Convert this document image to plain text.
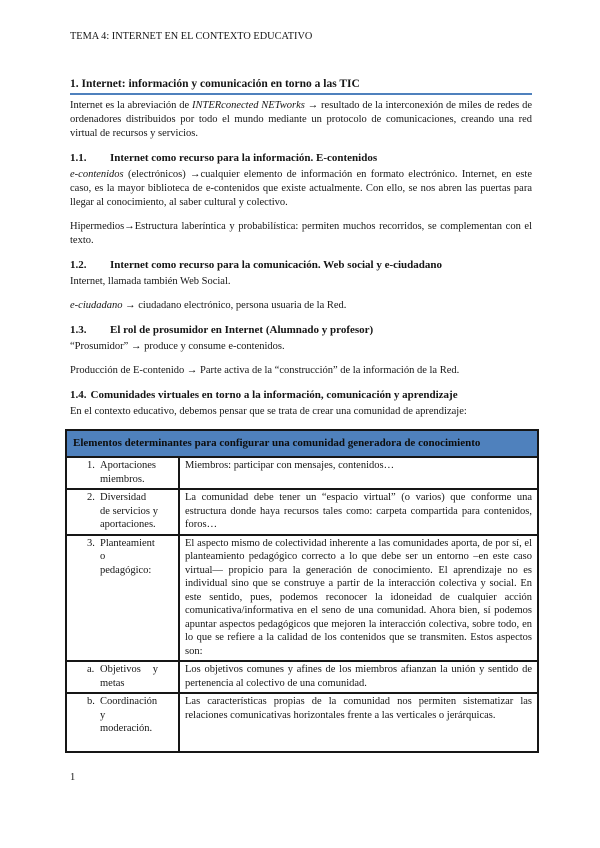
TEMA 4: INTERNET EN EL CONTEXTO EDUCATIVO
1. Internet: información y comunicación en torno a las TIC

Internet es la abreviación de INTERconected NETworks → resultado de la interconexión de miles de redes de ordenadores distribuidos por todo el mundo mediante un protocolo de comunicaciones, creando una red virtual de recursos y servicios.

1.1. Internet como recurso para la información. E-contenidos

e-contenidos (electrónicos) →cualquier elemento de información en formato electrónico. Internet, en este caso, es la mayor biblioteca de e-contenidos que existe actualmente. Con ello, se nos abren las puertas para llegar al conocimiento, al saber cultural y colectivo.

Hipermedios→Estructura laberíntica y probabilística: permiten muchos recorridos, se complementan con el texto.

1.2. Internet como recurso para la comunicación. Web social y e-ciudadano

Internet, llamada también Web Social.

e-ciudadano → ciudadano electrónico, persona usuaria de la Red.

1.3. El rol de prosumidor en Internet (Alumnado y profesor)

“Prosumidor” → produce y consume e-contenidos.

Producción de E-contenido → Parte activa de la “construcción” de la información de la Red.

1.4. Comunidades virtuales en torno a la información, comunicación y aprendizaje

En el contexto educativo, debemos pensar que se trata de crear una comunidad de aprendizaje:

Elementos determinantes para configurar una comunidad generadora de conocimiento	

1. Aportaciones miembros.	Miembros: participar con mensajes, contenidos…

2. Diversidad de servicios y aportaciones.	La comunidad debe tener un “espacio virtual” (o varios) que conforme una estructura donde haya recursos tales como: carpeta compartida para contenidos, foros…

3. Planteamiento pedagógico:	El aspecto mismo de colectividad inherente a las comunidades aporta, de por sí, el planteamiento pedagógico correcto a lo que debe ser un entorno –en este caso virtual— propicio para la generación de conocimiento. El aprendizaje no es individual sino que se construye a partir de la interacción colectiva y social. En este sentido, pues, podemos reconocer la idoneidad de cualquier acción comunicativa/informativa en el seno de una comunidad. Ahora bien, sí podemos apuntar aspectos pedagógicos que mejoren la interacción colectiva, sobre todo, en lo que se refiere a la calidad de los contenidos que se transmiten. Estos aspectos son:

a. Objetivos y metas	Los objetivos comunes y afines de los miembros afianzan la unión y sentido de pertenencia al colectivo de una comunidad.

b. Coordinación y moderación.	Las características propias de la comunidad nos permiten sistematizar las relaciones comunicativas horizontales frente a las verticales o jerárquicas.
1
